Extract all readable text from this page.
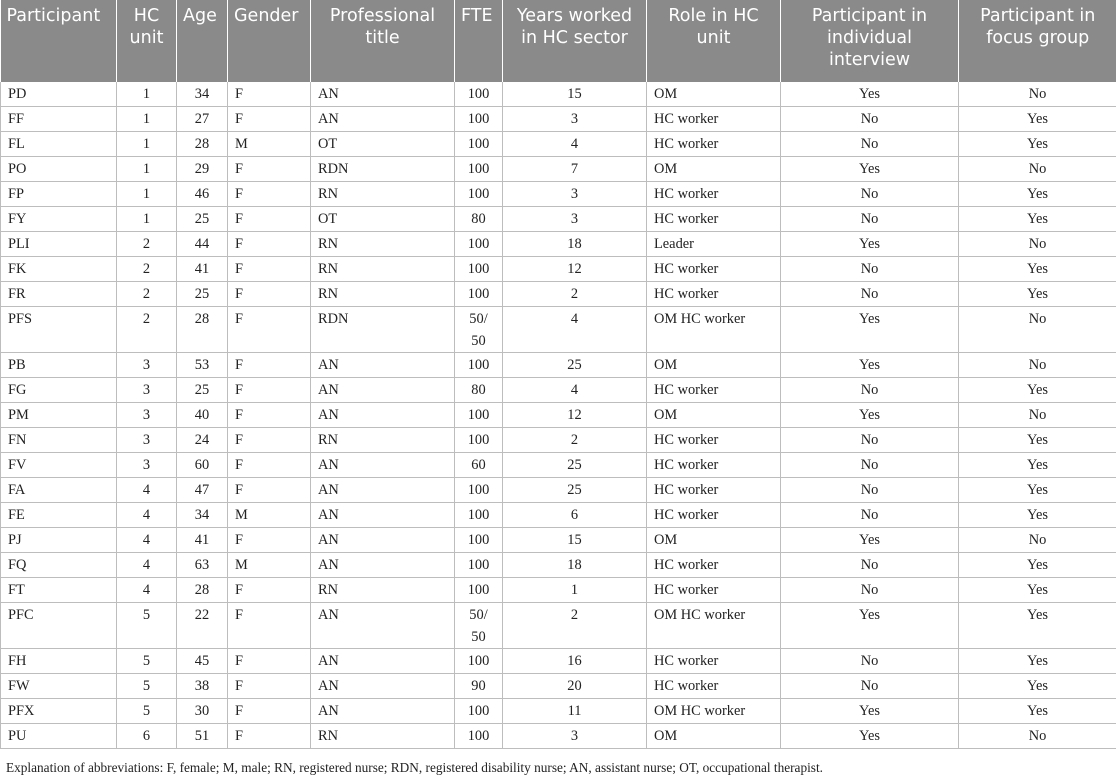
Participant	HC unit	Age	Gender	Professional title	FTE	Years worked in HC sector	Role in HC unit	Participant in individual interview	Participant in focus group
PD	1	34	F	AN	100	15	OM	Yes	No
FF	1	27	F	AN	100	3	HC worker	No	Yes
FL	1	28	M	OT	100	4	HC worker	No	Yes
PO	1	29	F	RDN	100	7	OM	Yes	No
FP	1	46	F	RN	100	3	HC worker	No	Yes
FY	1	25	F	OT	80	3	HC worker	No	Yes
PLI	2	44	F	RN	100	18	Leader	Yes	No
FK	2	41	F	RN	100	12	HC worker	No	Yes
FR	2	25	F	RN	100	2	HC worker	No	Yes
PFS	2	28	F	RDN	50/ 50	4	OM HC worker	Yes	No
PB	3	53	F	AN	100	25	OM	Yes	No
FG	3	25	F	AN	80	4	HC worker	No	Yes
PM	3	40	F	AN	100	12	OM	Yes	No
FN	3	24	F	RN	100	2	HC worker	No	Yes
FV	3	60	F	AN	60	25	HC worker	No	Yes
FA	4	47	F	AN	100	25	HC worker	No	Yes
FE	4	34	M	AN	100	6	HC worker	No	Yes
PJ	4	41	F	AN	100	15	OM	Yes	No
FQ	4	63	M	AN	100	18	HC worker	No	Yes
FT	4	28	F	RN	100	1	HC worker	No	Yes
PFC	5	22	F	AN	50/ 50	2	OM HC worker	Yes	Yes
FH	5	45	F	AN	100	16	HC worker	No	Yes
FW	5	38	F	AN	90	20	HC worker	No	Yes
PFX	5	30	F	AN	100	11	OM HC worker	Yes	Yes
PU	6	51	F	RN	100	3	OM	Yes	No
Explanation of abbreviations: F, female; M, male; RN, registered nurse; RDN, registered disability nurse; AN, assistant nurse; OT, occupational therapist.
